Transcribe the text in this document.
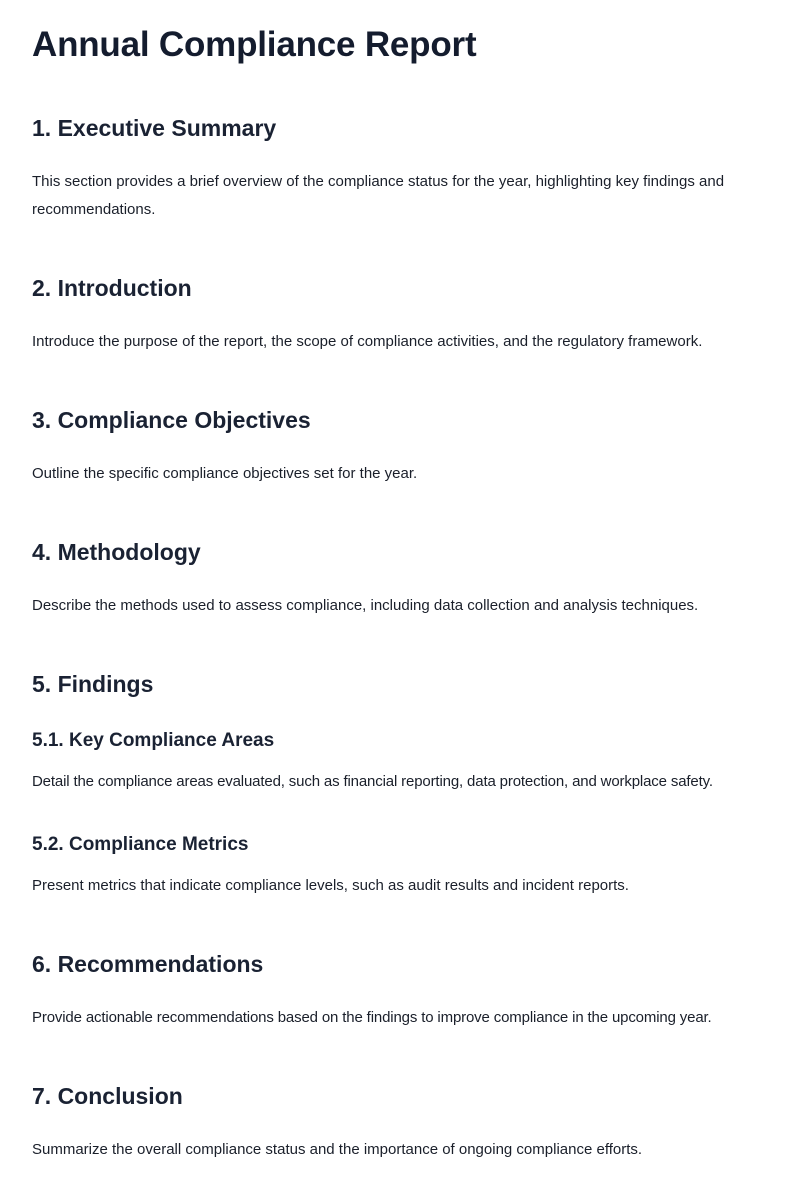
Annual Compliance Report
1. Executive Summary

This section provides a brief overview of the compliance status for the year, highlighting key findings and recommendations.

2. Introduction

Introduce the purpose of the report, the scope of compliance activities, and the regulatory framework.

3. Compliance Objectives

Outline the specific compliance objectives set for the year.

4. Methodology

Describe the methods used to assess compliance, including data collection and analysis techniques.

5. Findings
5.1. Key Compliance Areas

Detail the compliance areas evaluated, such as financial reporting, data protection, and workplace safety.

5.2. Compliance Metrics

Present metrics that indicate compliance levels, such as audit results and incident reports.

6. Recommendations

Provide actionable recommendations based on the findings to improve compliance in the upcoming year.

7. Conclusion

Summarize the overall compliance status and the importance of ongoing compliance efforts.
